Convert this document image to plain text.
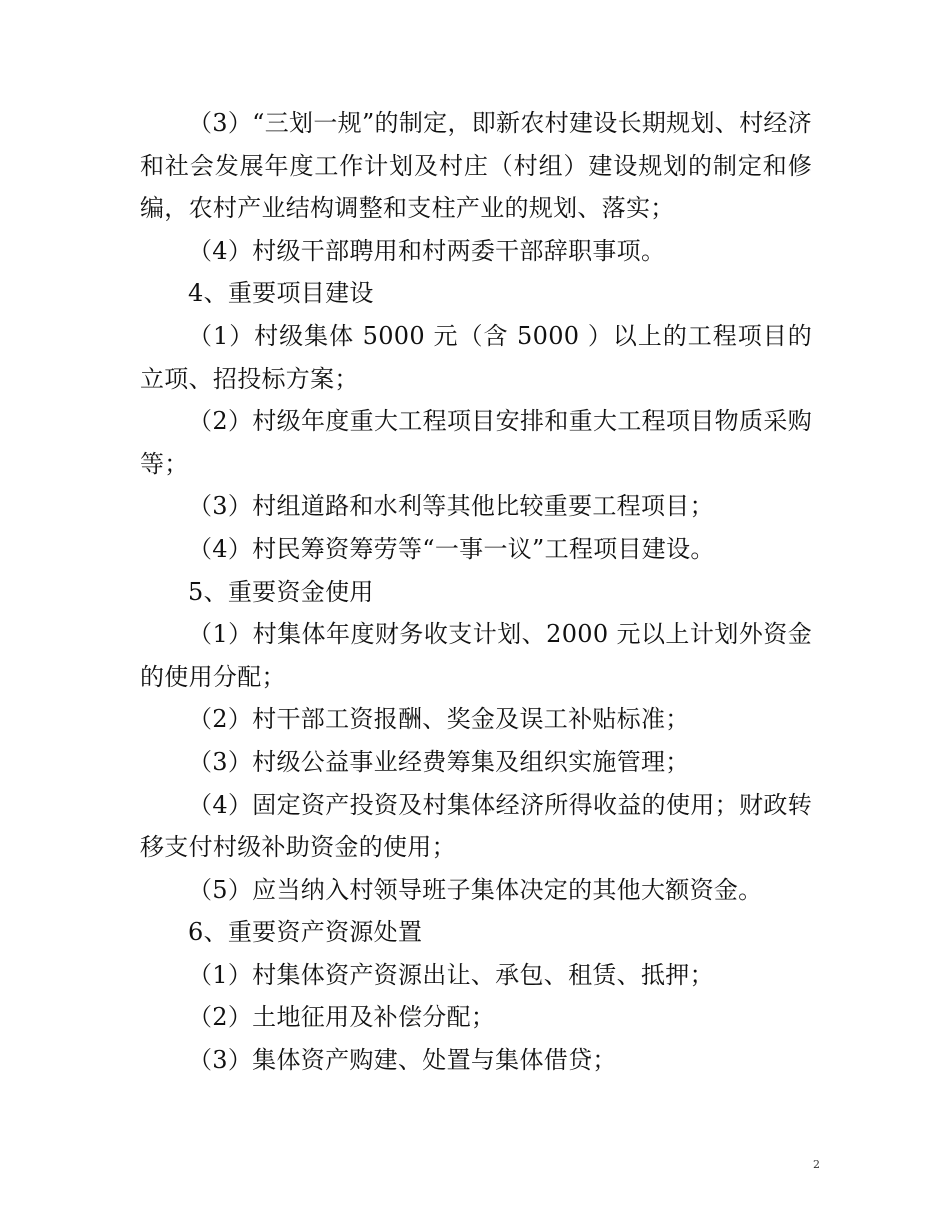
（3）“三划一规”的制定，即新农村建设长期规划、村经济和社会发展年度工作计划及村庄（村组）建设规划的制定和修编，农村产业结构调整和支柱产业的规划、落实；

（4）村级干部聘用和村两委干部辞职事项。

4、重要项目建设

（1）村级集体 5000 元（含 5000 ）以上的工程项目的立项、招投标方案；

（2）村级年度重大工程项目安排和重大工程项目物质采购等；

（3）村组道路和水利等其他比较重要工程项目；

（4）村民筹资筹劳等“一事一议”工程项目建设。

5、重要资金使用

（1）村集体年度财务收支计划、2000 元以上计划外资金的使用分配；

（2）村干部工资报酬、奖金及误工补贴标准；

（3）村级公益事业经费筹集及组织实施管理；

（4）固定资产投资及村集体经济所得收益的使用；财政转移支付村级补助资金的使用；

（5）应当纳入村领导班子集体决定的其他大额资金。

6、重要资产资源处置

（1）村集体资产资源出让、承包、租赁、抵押；

（2）土地征用及补偿分配；

（3）集体资产购建、处置与集体借贷；

2
